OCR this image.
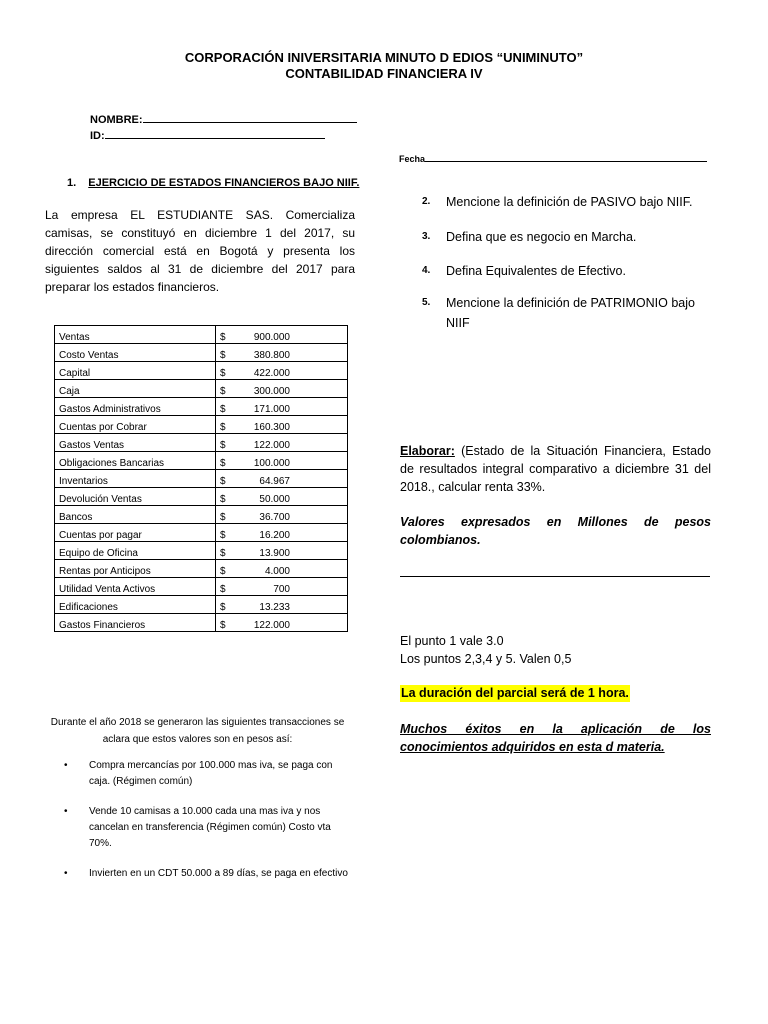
CORPORACIÓN INIVERSITARIA MINUTO D EDIOS “UNIMINUTO”
CONTABILIDAD FINANCIERA IV
NOMBRE:
ID:
Fecha
1. EJERCICIO DE ESTADOS FINANCIEROS BAJO NIIF.
La empresa EL ESTUDIANTE SAS. Comercializa camisas, se constituyó en diciembre 1 del 2017, su dirección comercial está en Bogotá y presenta los siguientes saldos al 31 de diciembre del 2017 para preparar los estados financieros.
Ventas	$ 900.000

Costo Ventas	$ 380.800

Capital	$ 422.000

Caja	$ 300.000

Gastos Administrativos	$ 171.000

Cuentas por Cobrar	$ 160.300

Gastos Ventas	$ 122.000

Obligaciones Bancarias	$ 100.000

Inventarios	$ 64.967

Devolución Ventas	$ 50.000

Bancos	$ 36.700

Cuentas por pagar	$ 16.200

Equipo de Oficina	$ 13.900

Rentas por Anticipos	$ 4.000

Utilidad Venta Activos	$ 700

Edificaciones	$ 13.233

Gastos Financieros	$ 122.000
Durante el año 2018 se generaron las siguientes transacciones se
aclara que estos valores son en pesos así:
• Compra mercancías por 100.000 mas iva, se paga con
caja. (Régimen común)
• Vende 10 camisas a 10.000 cada una mas iva y nos
cancelan en transferencia (Régimen común) Costo vta
70%.
• Invierten en un CDT 50.000 a 89 días, se paga en efectivo
2. Mencione la definición de PASIVO bajo NIIF.
3. Defina que es negocio en Marcha.
4. Defina Equivalentes de Efectivo.
5. Mencione la definición de PATRIMONIO bajo
NIIF
Elaborar: (Estado de la Situación Financiera, Estado de resultados integral comparativo a diciembre 31 del 2018., calcular renta 33%.
Valores expresados en Millones de pesos colombianos.
El punto 1 vale 3.0
Los puntos 2,3,4 y 5. Valen 0,5
La duración del parcial será de 1 hora.
Muchos éxitos en la aplicación de los conocimientos adquiridos en esta d materia.
